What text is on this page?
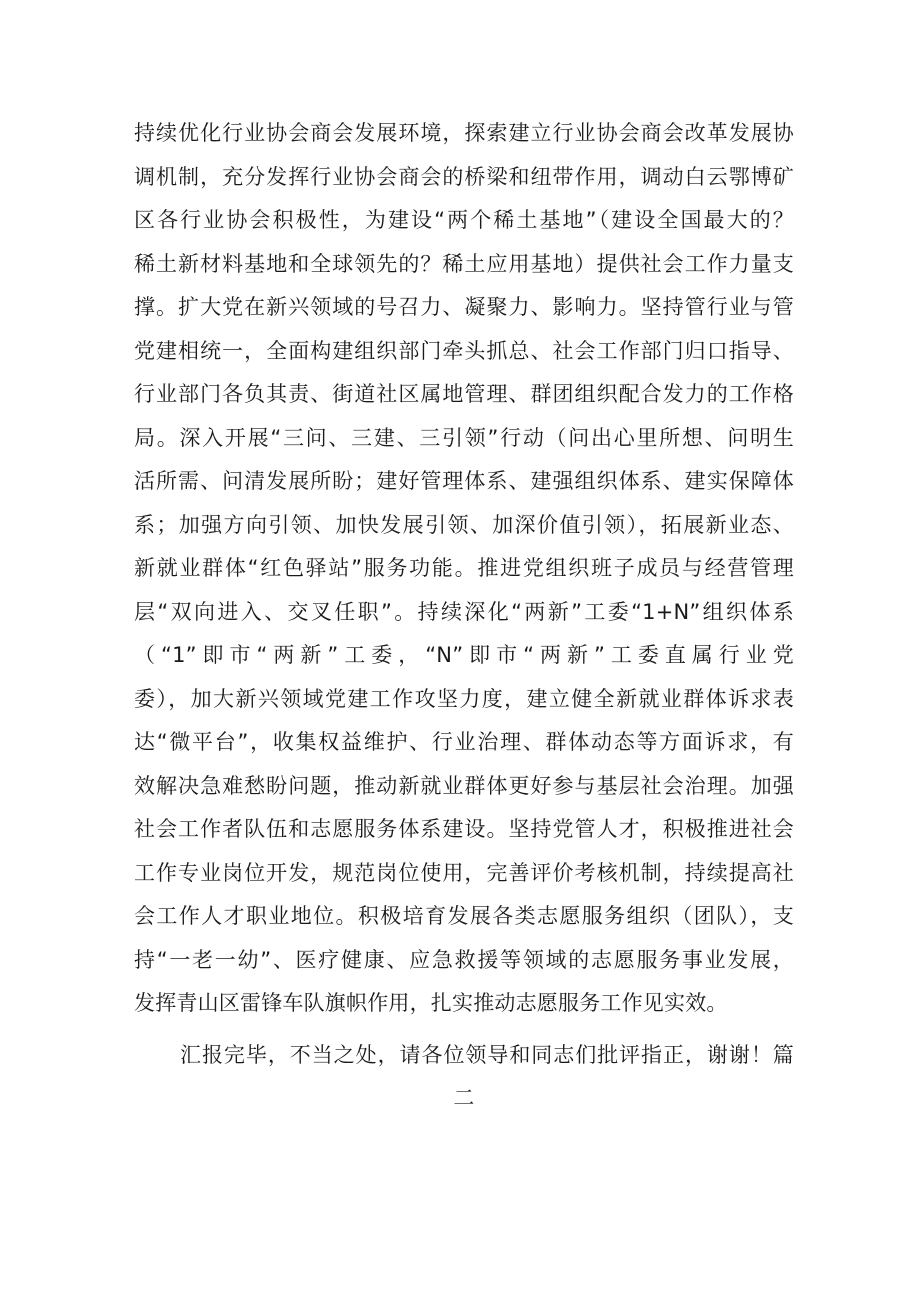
持续优化行业协会商会发展环境，探索建立行业协会商会改革发展协
调机制，充分发挥行业协会商会的桥梁和纽带作用，调动白云鄂博矿
区各行业协会积极性，为建设“两个稀土基地”（建设全国最大的？
稀土新材料基地和全球领先的？稀土应用基地）提供社会工作力量支
撑。扩大党在新兴领域的号召力、凝聚力、影响力。坚持管行业与管
党建相统一，全面构建组织部门牵头抓总、社会工作部门归口指导、
行业部门各负其责、街道社区属地管理、群团组织配合发力的工作格
局。深入开展“三问、三建、三引领”行动（问出心里所想、问明生
活所需、问清发展所盼；建好管理体系、建强组织体系、建实保障体
系；加强方向引领、加快发展引领、加深价值引领），拓展新业态、
新就业群体“红色驿站”服务功能。推进党组织班子成员与经营管理
层“双向进入、交叉任职”。持续深化“两新”工委“1+N”组织体系
（“1”即市“两新”工委，“N”即市“两新”工委直属行业党
委），加大新兴领域党建工作攻坚力度，建立健全新就业群体诉求表
达“微平台”，收集权益维护、行业治理、群体动态等方面诉求，有
效解决急难愁盼问题，推动新就业群体更好参与基层社会治理。加强
社会工作者队伍和志愿服务体系建设。坚持党管人才，积极推进社会
工作专业岗位开发，规范岗位使用，完善评价考核机制，持续提高社
会工作人才职业地位。积极培育发展各类志愿服务组织（团队），支
持“一老一幼”、医疗健康、应急救援等领域的志愿服务事业发展，
发挥青山区雷锋车队旗帜作用，扎实推动志愿服务工作见实效。
汇报完毕，不当之处，请各位领导和同志们批评指正，谢谢！篇
二
